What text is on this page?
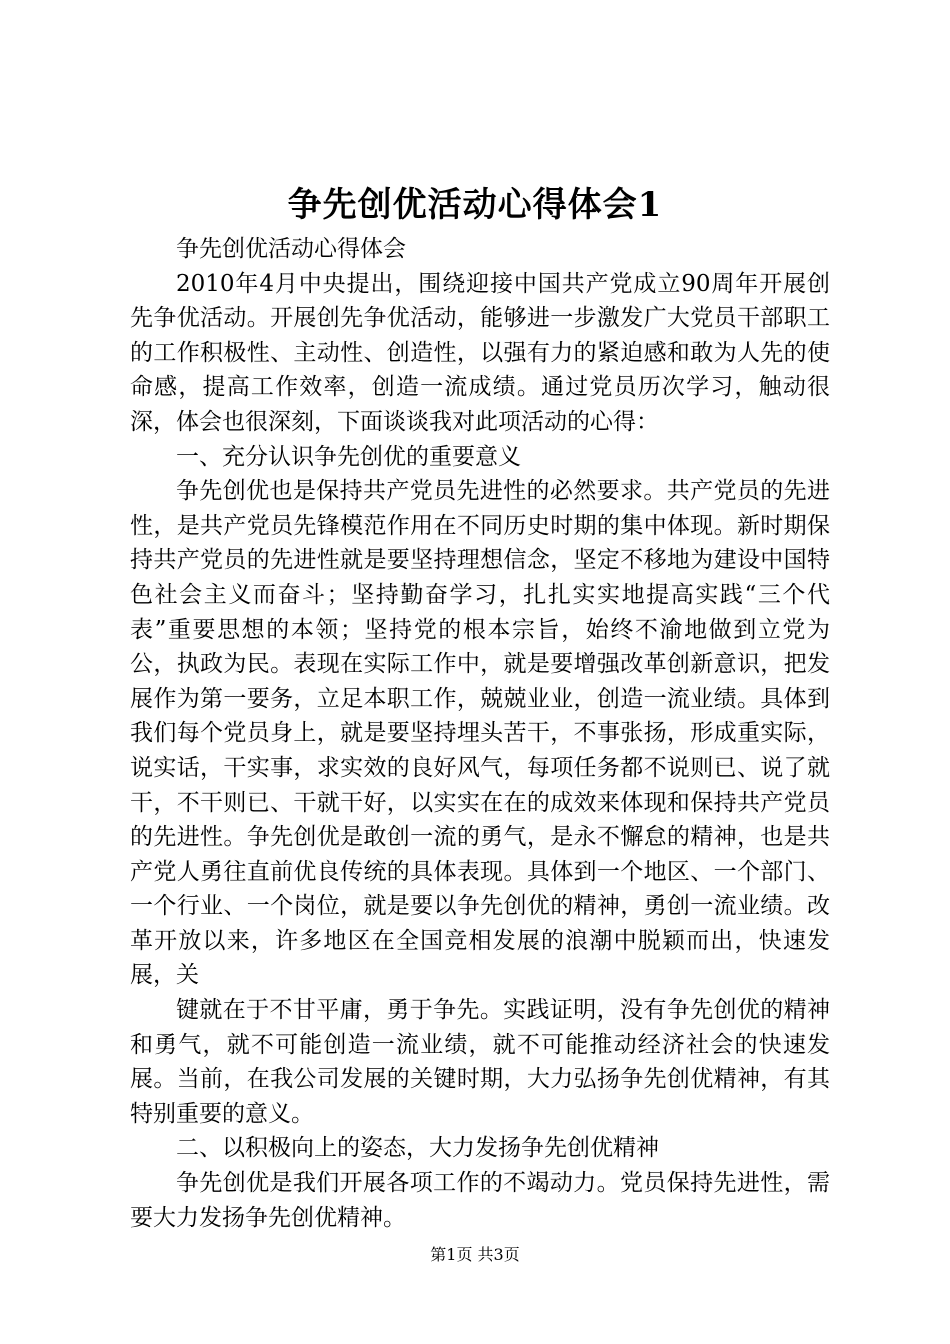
争先创优活动心得体会1

争先创优活动心得体会

2010年4月中央提出，围绕迎接中国共产党成立90周年开展创先争优活动。开展创先争优活动，能够进一步激发广大党员干部职工的工作积极性、主动性、创造性，以强有力的紧迫感和敢为人先的使命感，提高工作效率，创造一流成绩。通过党员历次学习，触动很深，体会也很深刻，下面谈谈我对此项活动的心得：

一、充分认识争先创优的重要意义

争先创优也是保持共产党员先进性的必然要求。共产党员的先进性，是共产党员先锋模范作用在不同历史时期的集中体现。新时期保持共产党员的先进性就是要坚持理想信念，坚定不移地为建设中国特色社会主义而奋斗；坚持勤奋学习，扎扎实实地提高实践“三个代表”重要思想的本领；坚持党的根本宗旨，始终不渝地做到立党为公，执政为民。表现在实际工作中，就是要增强改革创新意识，把发展作为第一要务，立足本职工作，兢兢业业，创造一流业绩。具体到我们每个党员身上，就是要坚持埋头苦干，不事张扬，形成重实际，说实话，干实事，求实效的良好风气，每项任务都不说则已、说了就干，不干则已、干就干好，以实实在在的成效来体现和保持共产党员的先进性。争先创优是敢创一流的勇气，是永不懈怠的精神，也是共产党人勇往直前优良传统的具体表现。具体到一个地区、一个部门、一个行业、一个岗位，就是要以争先创优的精神，勇创一流业绩。改革开放以来，许多地区在全国竞相发展的浪潮中脱颖而出，快速发展，关

键就在于不甘平庸，勇于争先。实践证明，没有争先创优的精神和勇气，就不可能创造一流业绩，就不可能推动经济社会的快速发展。当前，在我公司发展的关键时期，大力弘扬争先创优精神，有其特别重要的意义。

二、以积极向上的姿态，大力发扬争先创优精神

争先创优是我们开展各项工作的不竭动力。党员保持先进性，需要大力发扬争先创优精神。

第1页 共3页
